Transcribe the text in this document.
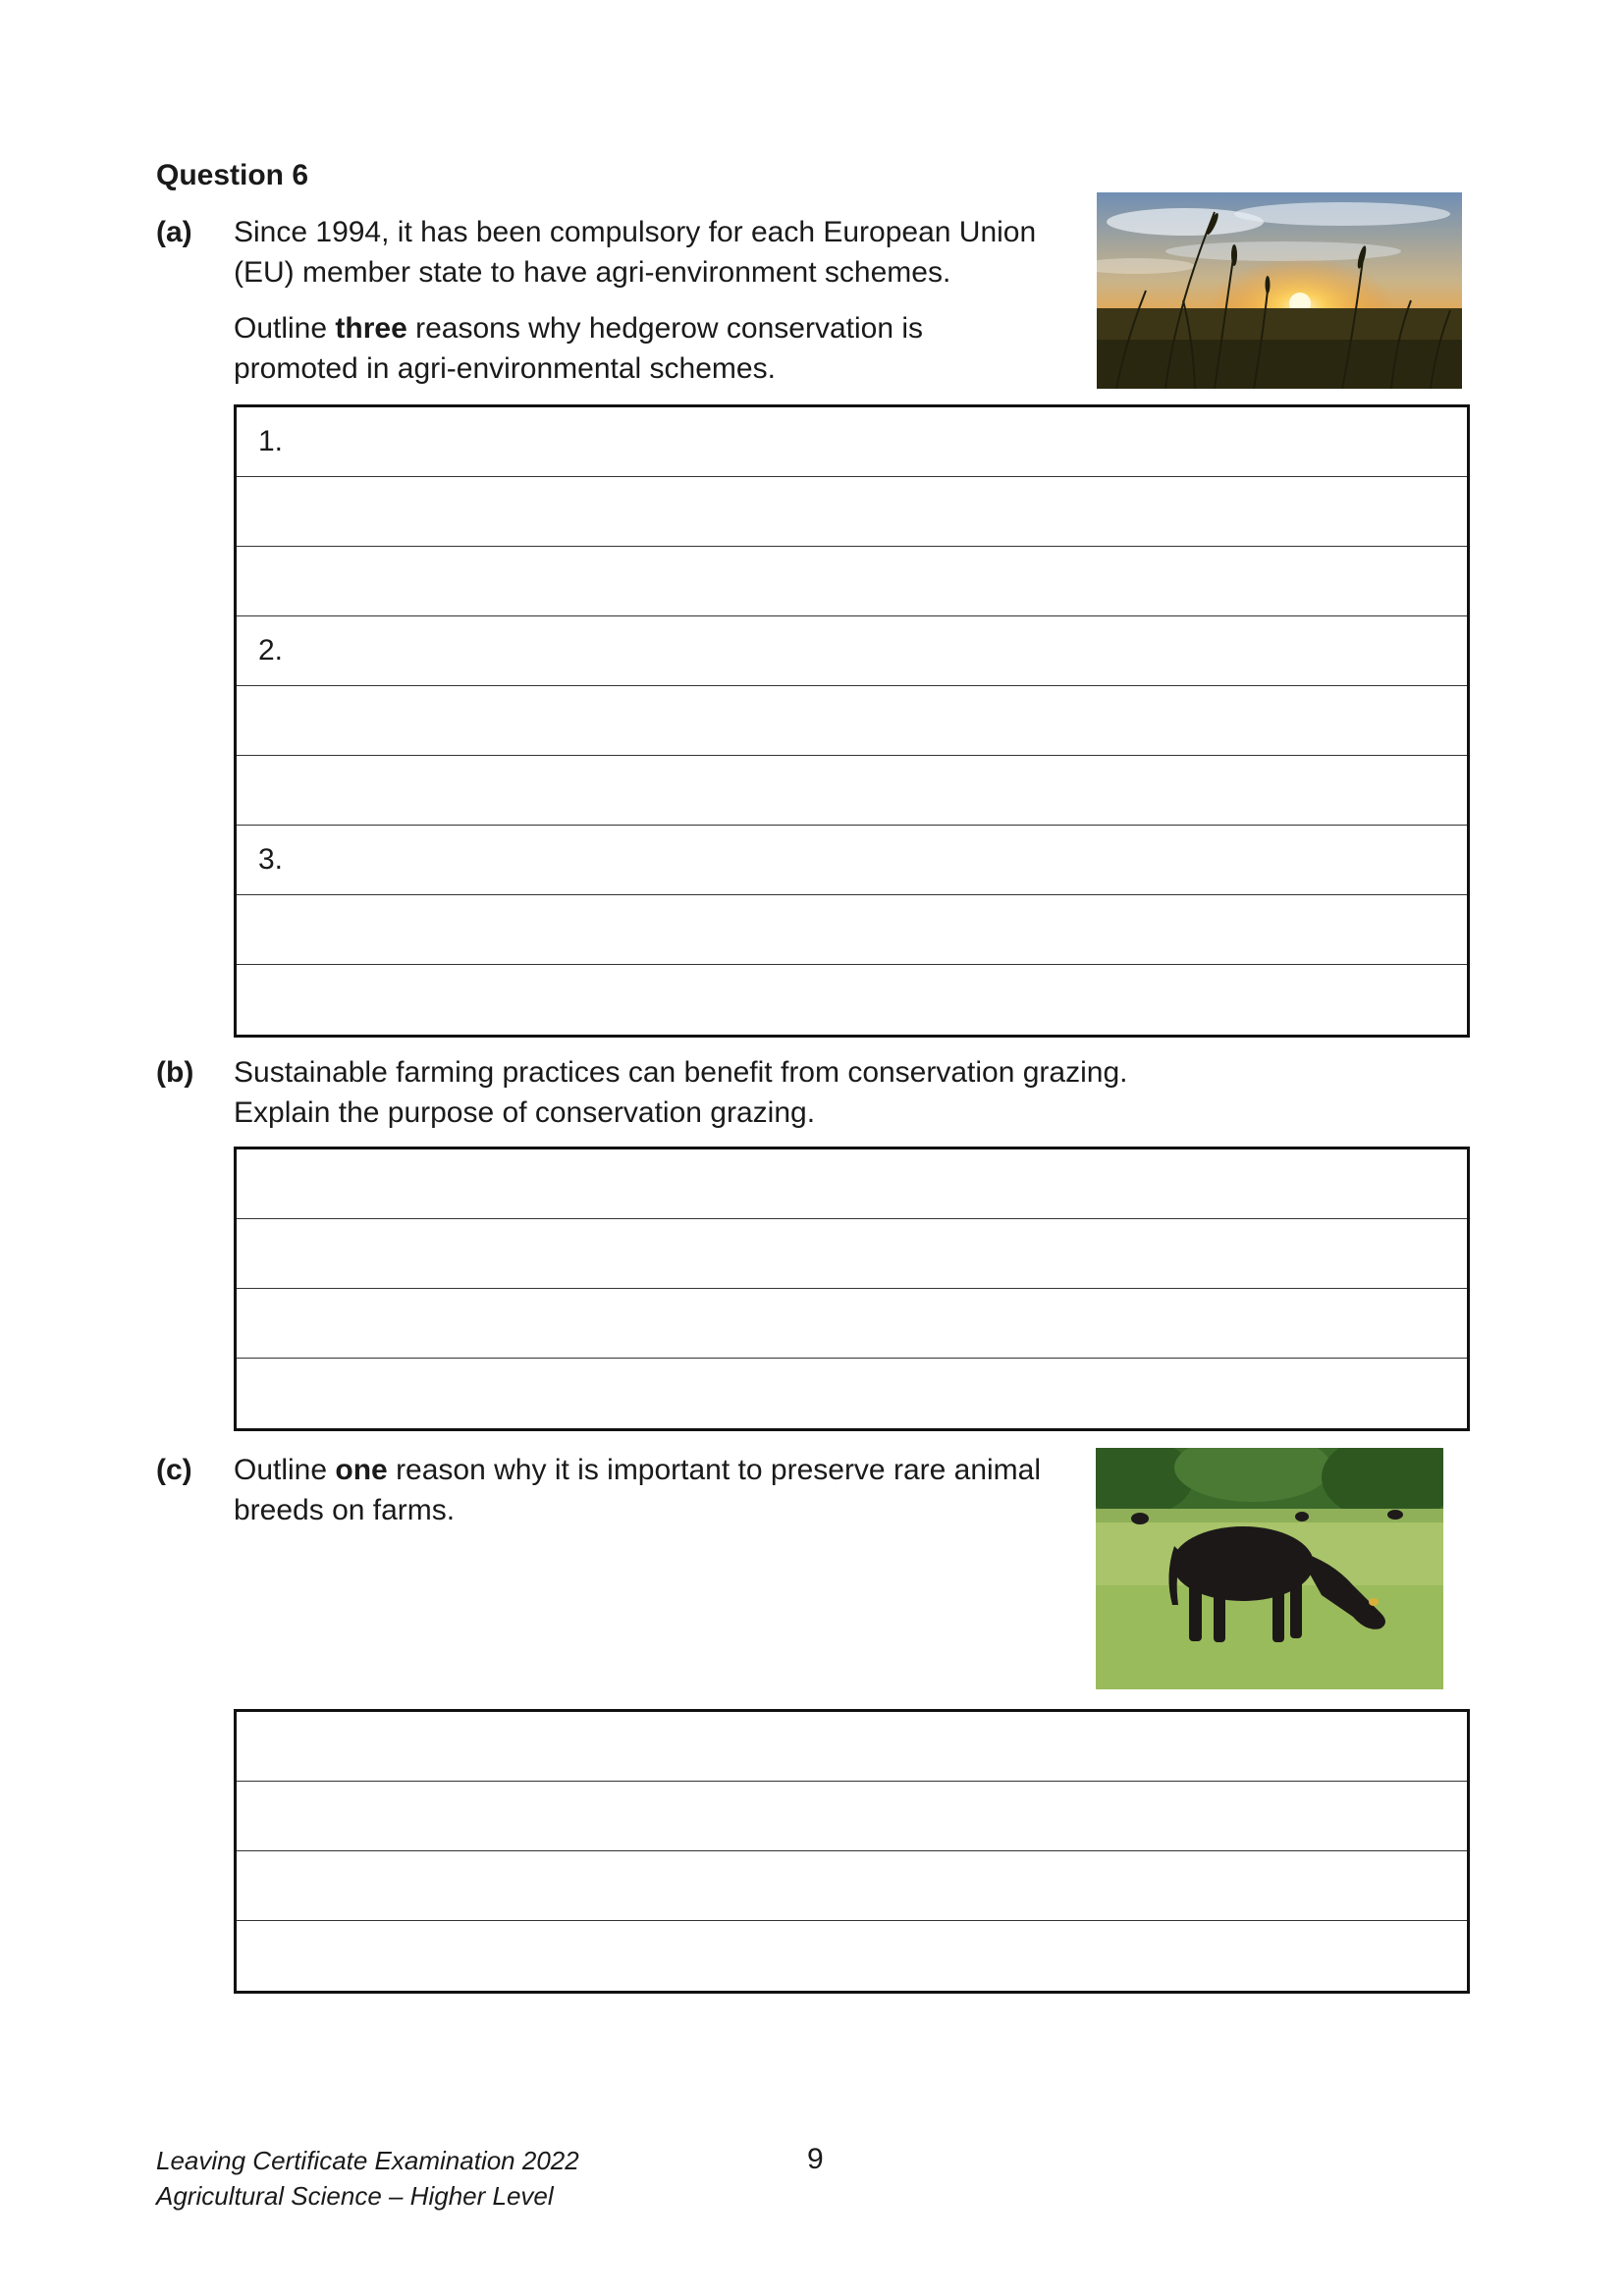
Question 6
(a) Since 1994, it has been compulsory for each European Union
(EU) member state to have agri-environment schemes.
Outline three reasons why hedgerow conservation is
promoted in agri-environmental schemes.
1.
2.
3.
(b) Sustainable farming practices can benefit from conservation grazing.
Explain the purpose of conservation grazing.
(c) Outline one reason why it is important to preserve rare animal
breeds on farms.
Leaving Certificate Examination 2022
Agricultural Science – Higher Level
9
